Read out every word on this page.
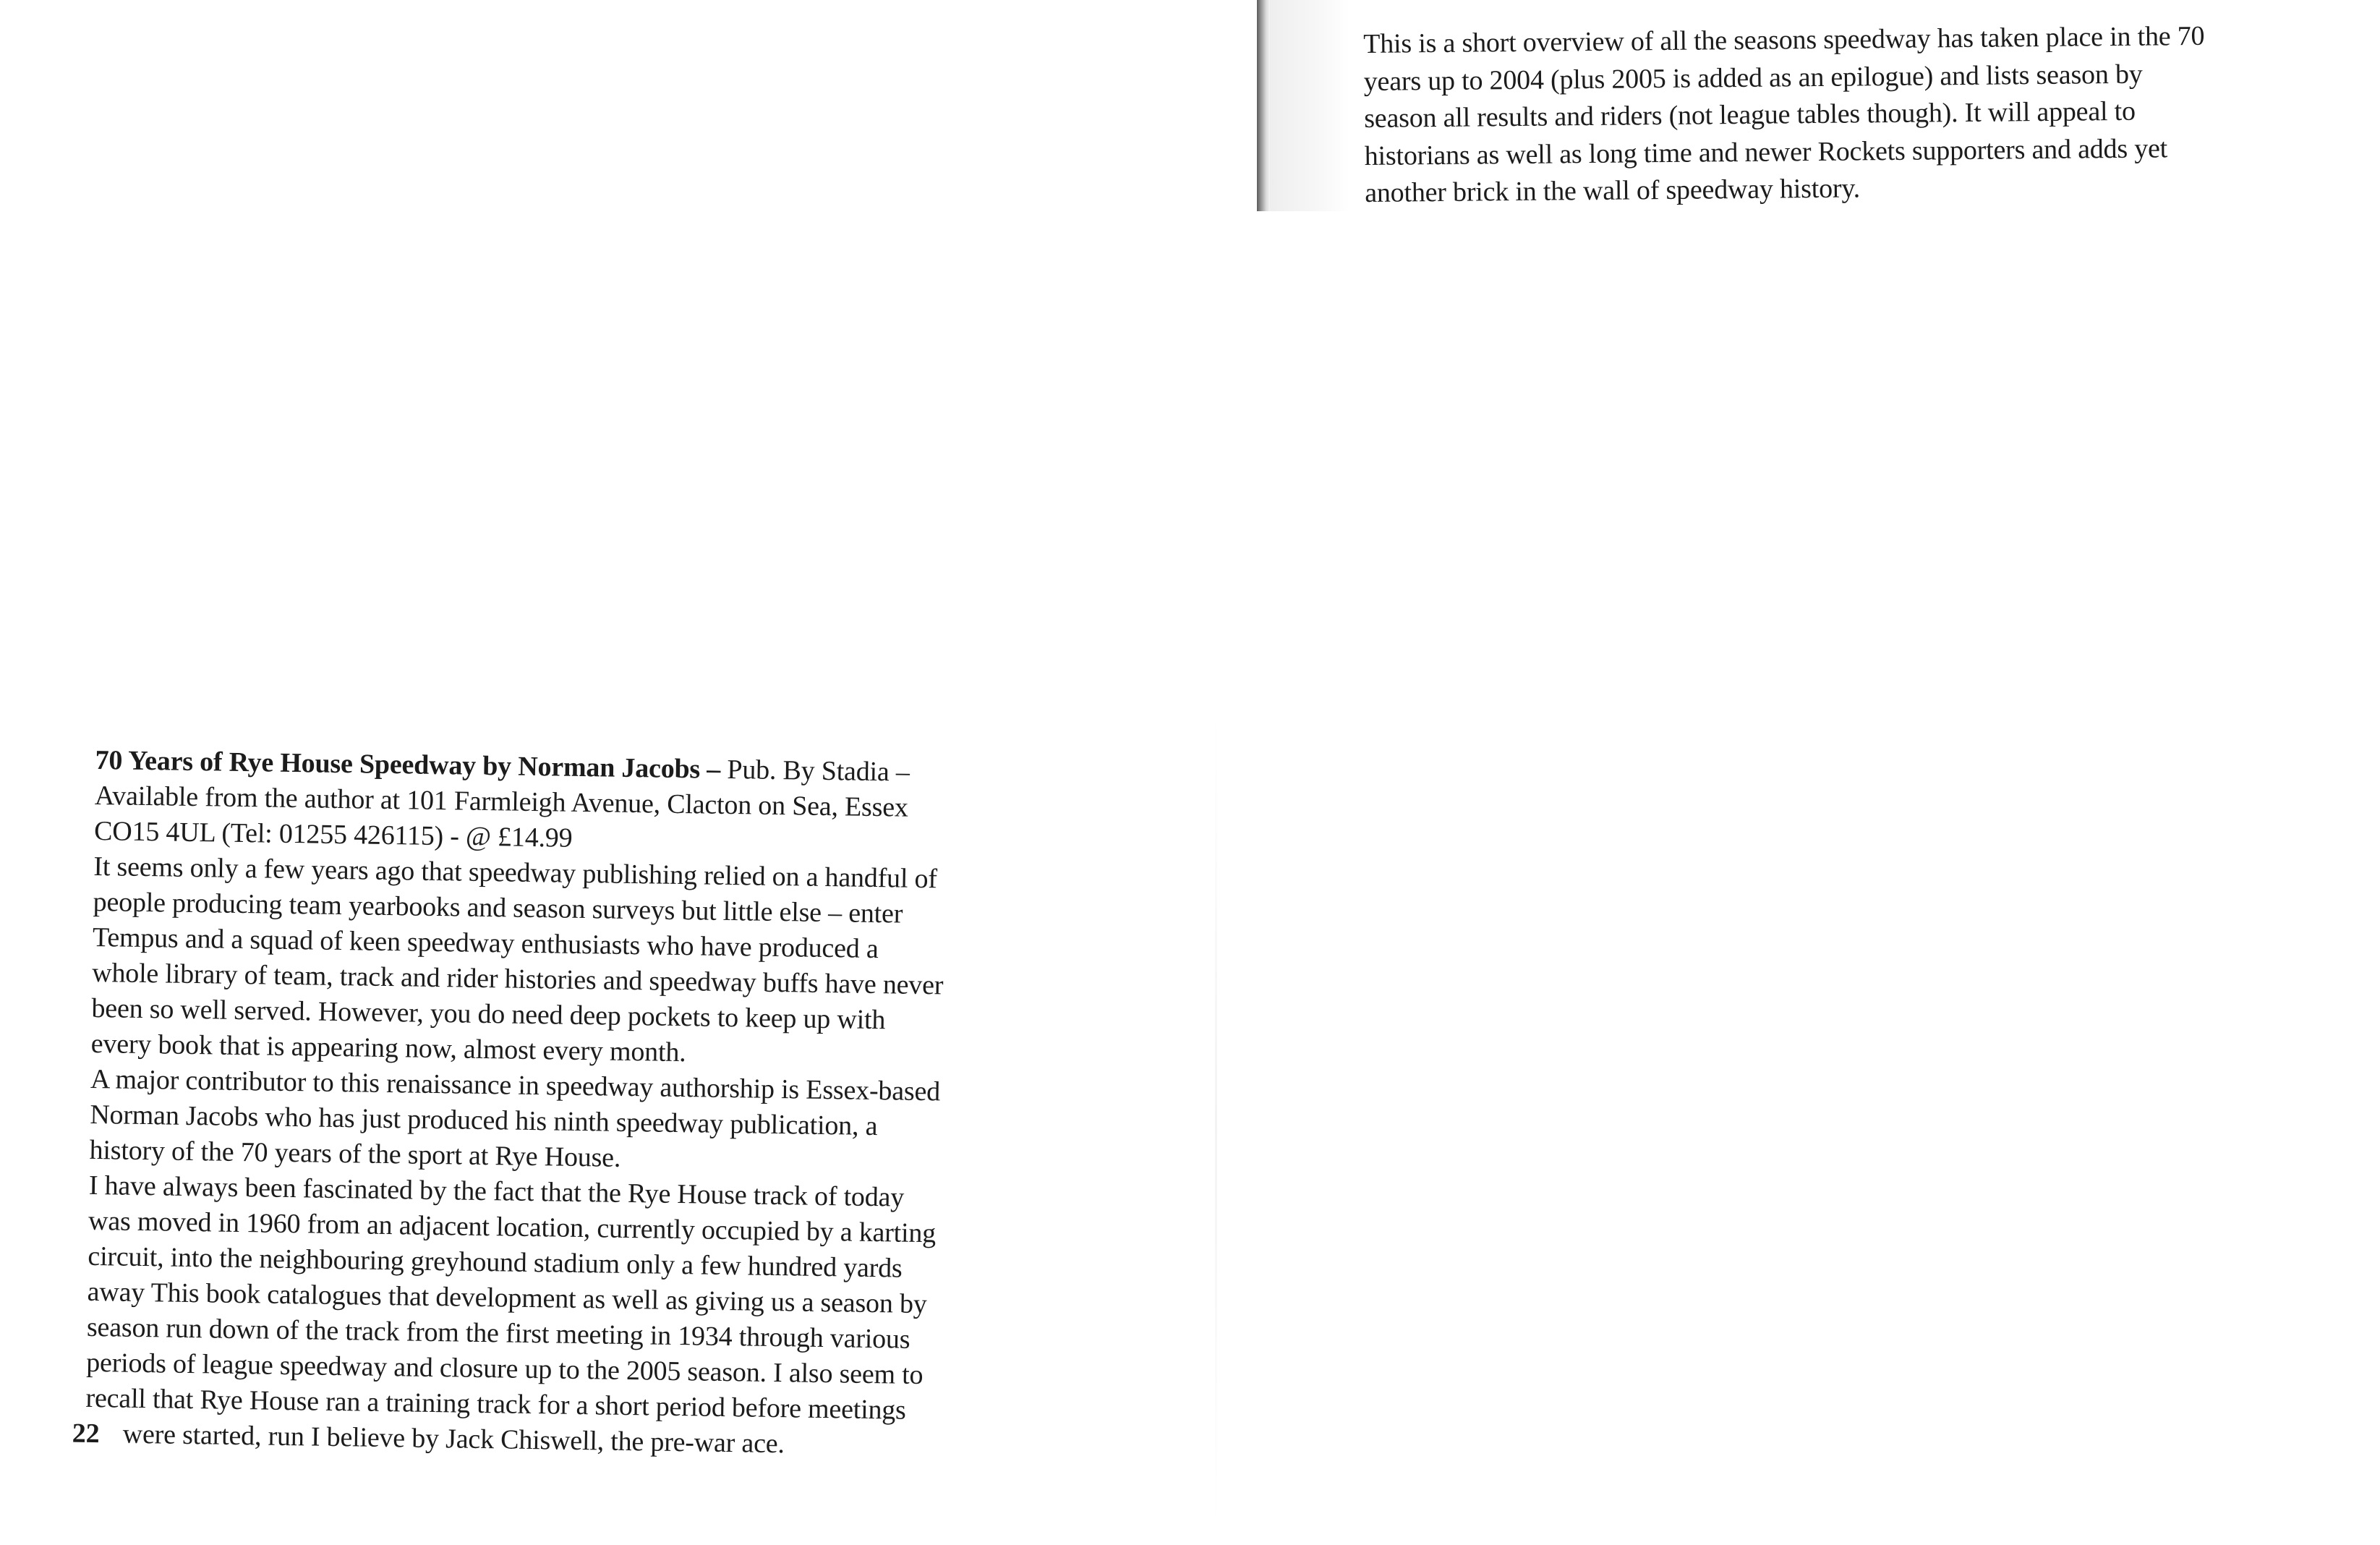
This is a short overview of all the seasons speedway has taken place in the 70
years up to 2004 (plus 2005 is added as an epilogue) and lists season by
season all results and riders (not league tables though). It will appeal to
historians as well as long time and newer Rockets supporters and adds yet
another brick in the wall of speedway history.
70 Years of Rye House Speedway by Norman Jacobs – Pub. By Stadia –
Available from the author at 101 Farmleigh Avenue, Clacton on Sea, Essex
CO15 4UL (Tel: 01255 426115) - @ £14.99
It seems only a few years ago that speedway publishing relied on a handful of
people producing team yearbooks and season surveys but little else – enter
Tempus and a squad of keen speedway enthusiasts who have produced a
whole library of team, track and rider histories and speedway buffs have never
been so well served. However, you do need deep pockets to keep up with
every book that is appearing now, almost every month.
A major contributor to this renaissance in speedway authorship is Essex-based
Norman Jacobs who has just produced his ninth speedway publication, a
history of the 70 years of the sport at Rye House.
I have always been fascinated by the fact that the Rye House track of today
was moved in 1960 from an adjacent location, currently occupied by a karting
circuit, into the neighbouring greyhound stadium only a few hundred yards
away This book catalogues that development as well as giving us a season by
season run down of the track from the first meeting in 1934 through various
periods of league speedway and closure up to the 2005 season. I also seem to
recall that Rye House ran a training track for a short period before meetings
22 were started, run I believe by Jack Chiswell, the pre-war ace.
